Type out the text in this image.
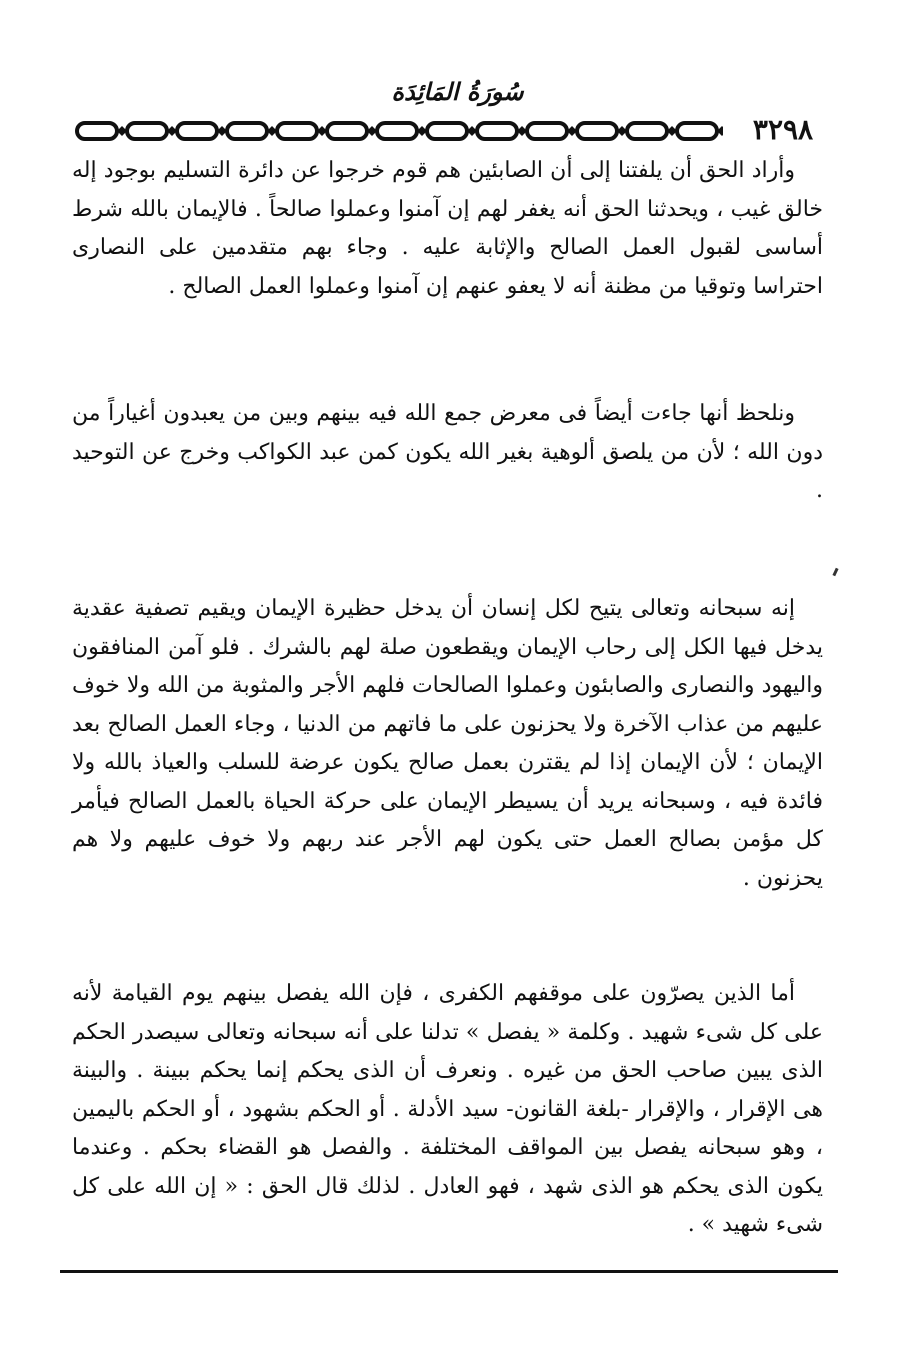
سُورَةُ المَائِدَة
٣٢٩٨

وأراد الحق أن يلفتنا إلى أن الصابئين هم قوم خرجوا عن دائرة التسليم بوجود إله خالق غيب ، ويحدثنا الحق أنه يغفر لهم إن آمنوا وعملوا صالحاً . فالإيمان بالله شرط أساسى لقبول العمل الصالح والإثابة عليه . وجاء بهم متقدمين على النصارى احتراسا وتوقيا من مظنة أنه لا يعفو عنهم إن آمنوا وعملوا العمل الصالح .

ونلحظ أنها جاءت أيضاً فى معرض جمع الله فيه بينهم وبين من يعبدون أغياراً من دون الله ؛ لأن من يلصق ألوهية بغير الله يكون كمن عبد الكواكب وخرج عن التوحيد .

إنه سبحانه وتعالى يتيح لكل إنسان أن يدخل حظيرة الإيمان ويقيم تصفية عقدية يدخل فيها الكل إلى رحاب الإيمان ويقطعون صلة لهم بالشرك . فلو آمن المنافقون واليهود والنصارى والصابئون وعملوا الصالحات فلهم الأجر والمثوبة من الله ولا خوف عليهم من عذاب الآخرة ولا يحزنون على ما فاتهم من الدنيا ، وجاء العمل الصالح بعد الإيمان ؛ لأن الإيمان إذا لم يقترن بعمل صالح يكون عرضة للسلب والعياذ بالله ولا فائدة فيه ، وسبحانه يريد أن يسيطر الإيمان على حركة الحياة بالعمل الصالح فيأمر كل مؤمن بصالح العمل حتى يكون لهم الأجر عند ربهم ولا خوف عليهم ولا هم يحزنون .

أما الذين يصرّون على موقفهم الكفرى ، فإن الله يفصل بينهم يوم القيامة لأنه على كل شىء شهيد . وكلمة « يفصل » تدلنا على أنه سبحانه وتعالى سيصدر الحكم الذى يبين صاحب الحق من غيره . ونعرف أن الذى يحكم إنما يحكم ببينة . والبينة هى الإقرار ، والإقرار -بلغة القانون- سيد الأدلة . أو الحكم بشهود ، أو الحكم باليمين ، وهو سبحانه يفصل بين المواقف المختلفة . والفصل هو القضاء بحكم . وعندما يكون الذى يحكم هو الذى شهد ، فهو العادل . لذلك قال الحق : « إن الله على كل شىء شهيد » .
